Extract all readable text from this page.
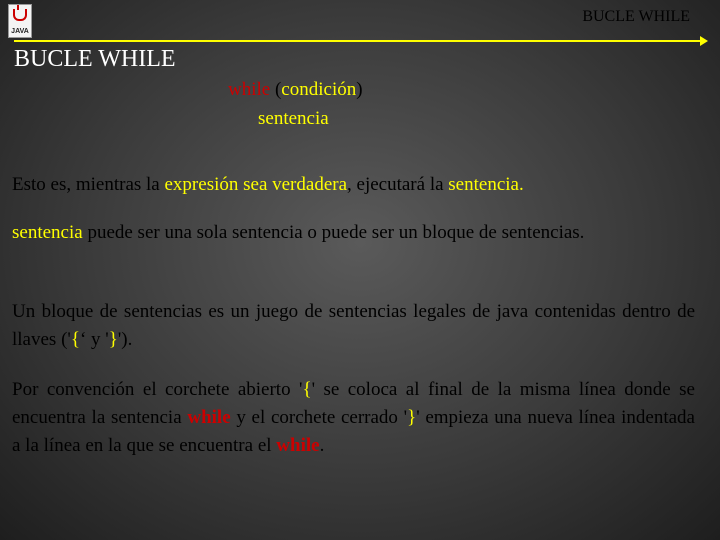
JAVA
BUCLE WHILE
BUCLE WHILE
while (condición)
sentencia
Esto es, mientras la expresión sea verdadera, ejecutará la sentencia.
sentencia puede ser una sola sentencia o puede ser un bloque de sentencias.
Un bloque de sentencias es un juego de sentencias legales de java contenidas dentro de llaves ('{‘ y '}').
Por convención el corchete abierto '{' se coloca al final de la misma línea donde se encuentra la sentencia while y el corchete cerrado '}' empieza una nueva línea indentada a la línea en la que se encuentra el while.
